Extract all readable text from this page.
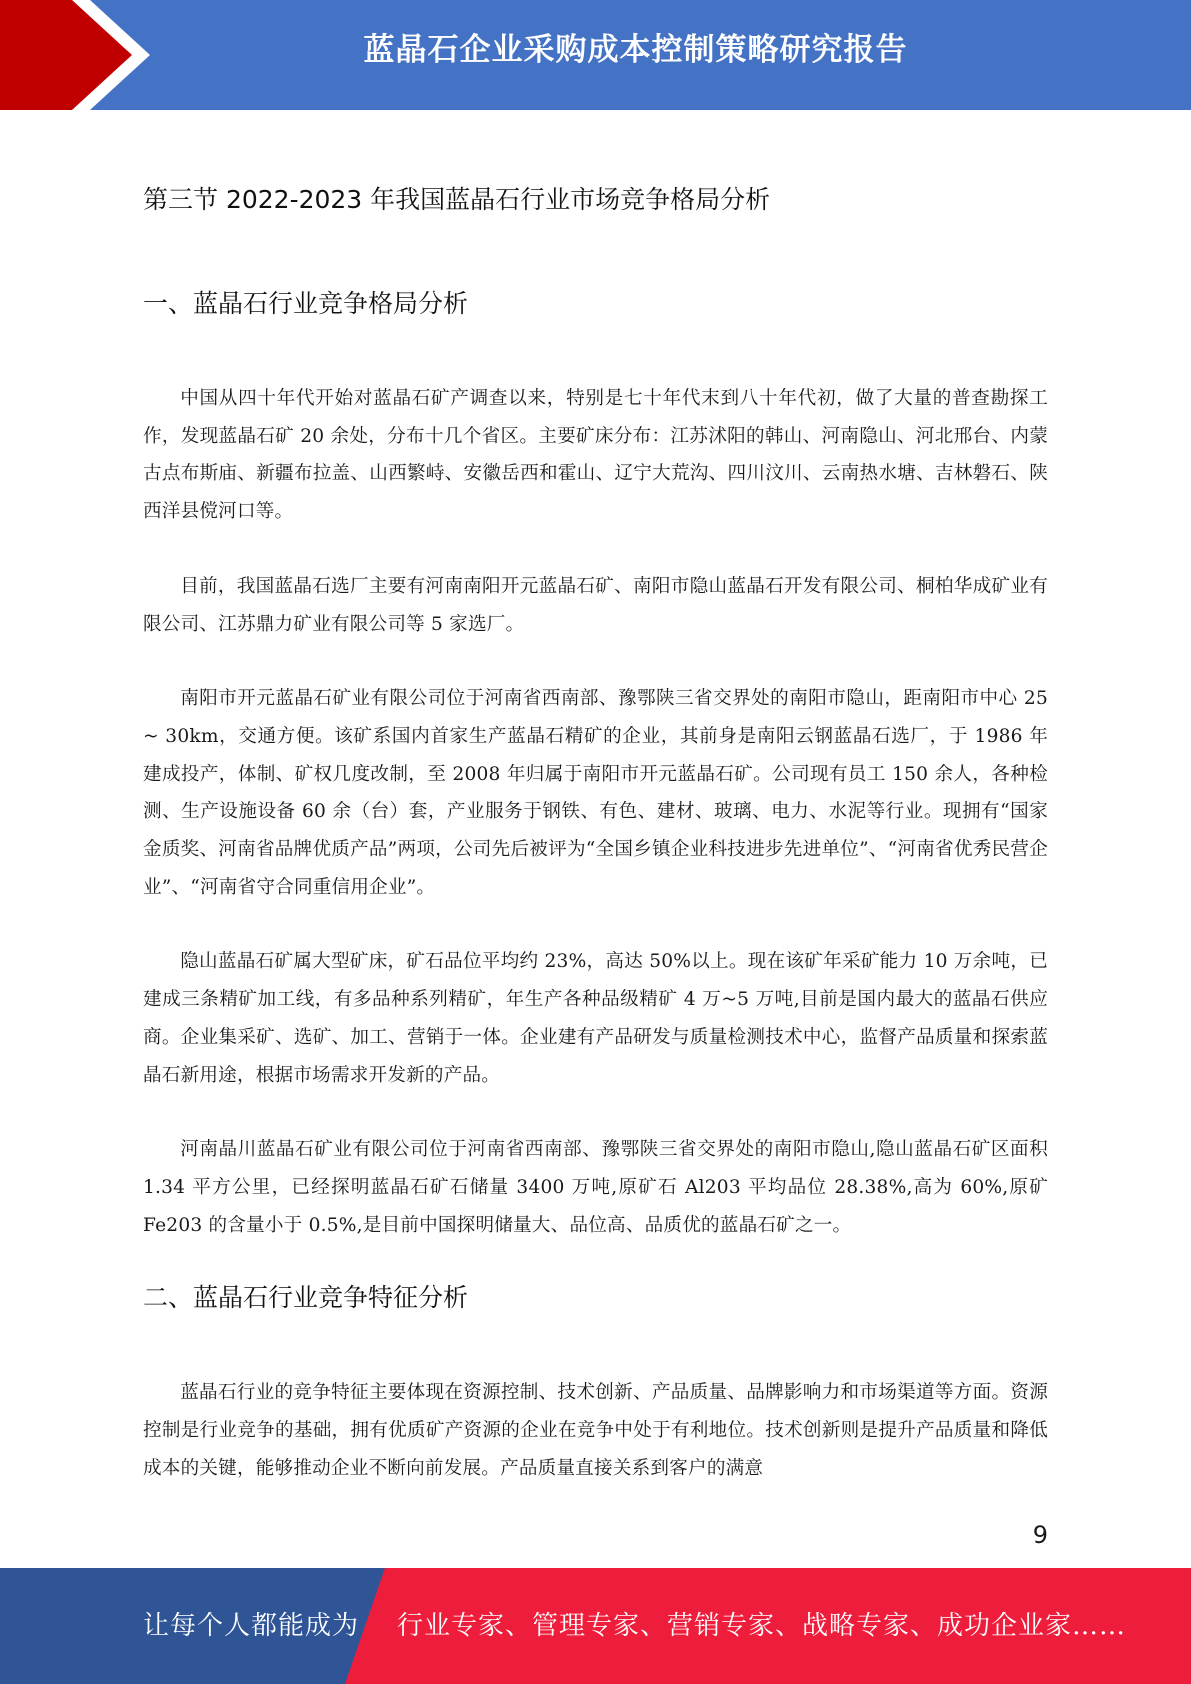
蓝晶石企业采购成本控制策略研究报告
第三节 2022-2023 年我国蓝晶石行业市场竞争格局分析
一、蓝晶石行业竞争格局分析

中国从四十年代开始对蓝晶石矿产调查以来，特别是七十年代末到八十年代初，做了大量的普查勘探工作，发现蓝晶石矿 20 余处，分布十几个省区。主要矿床分布：江苏沭阳的韩山、河南隐山、河北邢台、内蒙古点布斯庙、新疆布拉盖、山西繁峙、安徽岳西和霍山、辽宁大荒沟、四川汶川、云南热水塘、吉林磐石、陕西洋县傥河口等。

目前，我国蓝晶石选厂主要有河南南阳开元蓝晶石矿、南阳市隐山蓝晶石开发有限公司、桐柏华成矿业有限公司、江苏鼎力矿业有限公司等 5 家选厂。

南阳市开元蓝晶石矿业有限公司位于河南省西南部、豫鄂陕三省交界处的南阳市隐山，距南阳市中心 25 ~ 30km，交通方便。该矿系国内首家生产蓝晶石精矿的企业，其前身是南阳云钢蓝晶石选厂，于 1986 年建成投产，体制、矿权几度改制，至 2008 年归属于南阳市开元蓝晶石矿。公司现有员工 150 余人，各种检测、生产设施设备 60 余（台）套，产业服务于钢铁、有色、建材、玻璃、电力、水泥等行业。现拥有“国家金质奖、河南省品牌优质产品”两项，公司先后被评为“全国乡镇企业科技进步先进单位”、“河南省优秀民营企业”、“河南省守合同重信用企业”。

隐山蓝晶石矿属大型矿床，矿石品位平均约 23%，高达 50%以上。现在该矿年采矿能力 10 万余吨，已建成三条精矿加工线，有多品种系列精矿，年生产各种品级精矿 4 万~5 万吨,目前是国内最大的蓝晶石供应商。企业集采矿、选矿、加工、营销于一体。企业建有产品研发与质量检测技术中心，监督产品质量和探索蓝晶石新用途，根据市场需求开发新的产品。

河南晶川蓝晶石矿业有限公司位于河南省西南部、豫鄂陕三省交界处的南阳市隐山,隐山蓝晶石矿区面积 1.34 平方公里，已经探明蓝晶石矿石储量 3400 万吨,原矿石 Al203 平均品位 28.38%,高为 60%,原矿 Fe203 的含量小于 0.5%,是目前中国探明储量大、品位高、品质优的蓝晶石矿之一。

二、蓝晶石行业竞争特征分析

蓝晶石行业的竞争特征主要体现在资源控制、技术创新、产品质量、品牌影响力和市场渠道等方面。资源控制是行业竞争的基础，拥有优质矿产资源的企业在竞争中处于有利地位。技术创新则是提升产品质量和降低成本的关键，能够推动企业不断向前发展。产品质量直接关系到客户的满意

9
让每个人都能成为 行业专家、管理专家、营销专家、战略专家、成功企业家……
